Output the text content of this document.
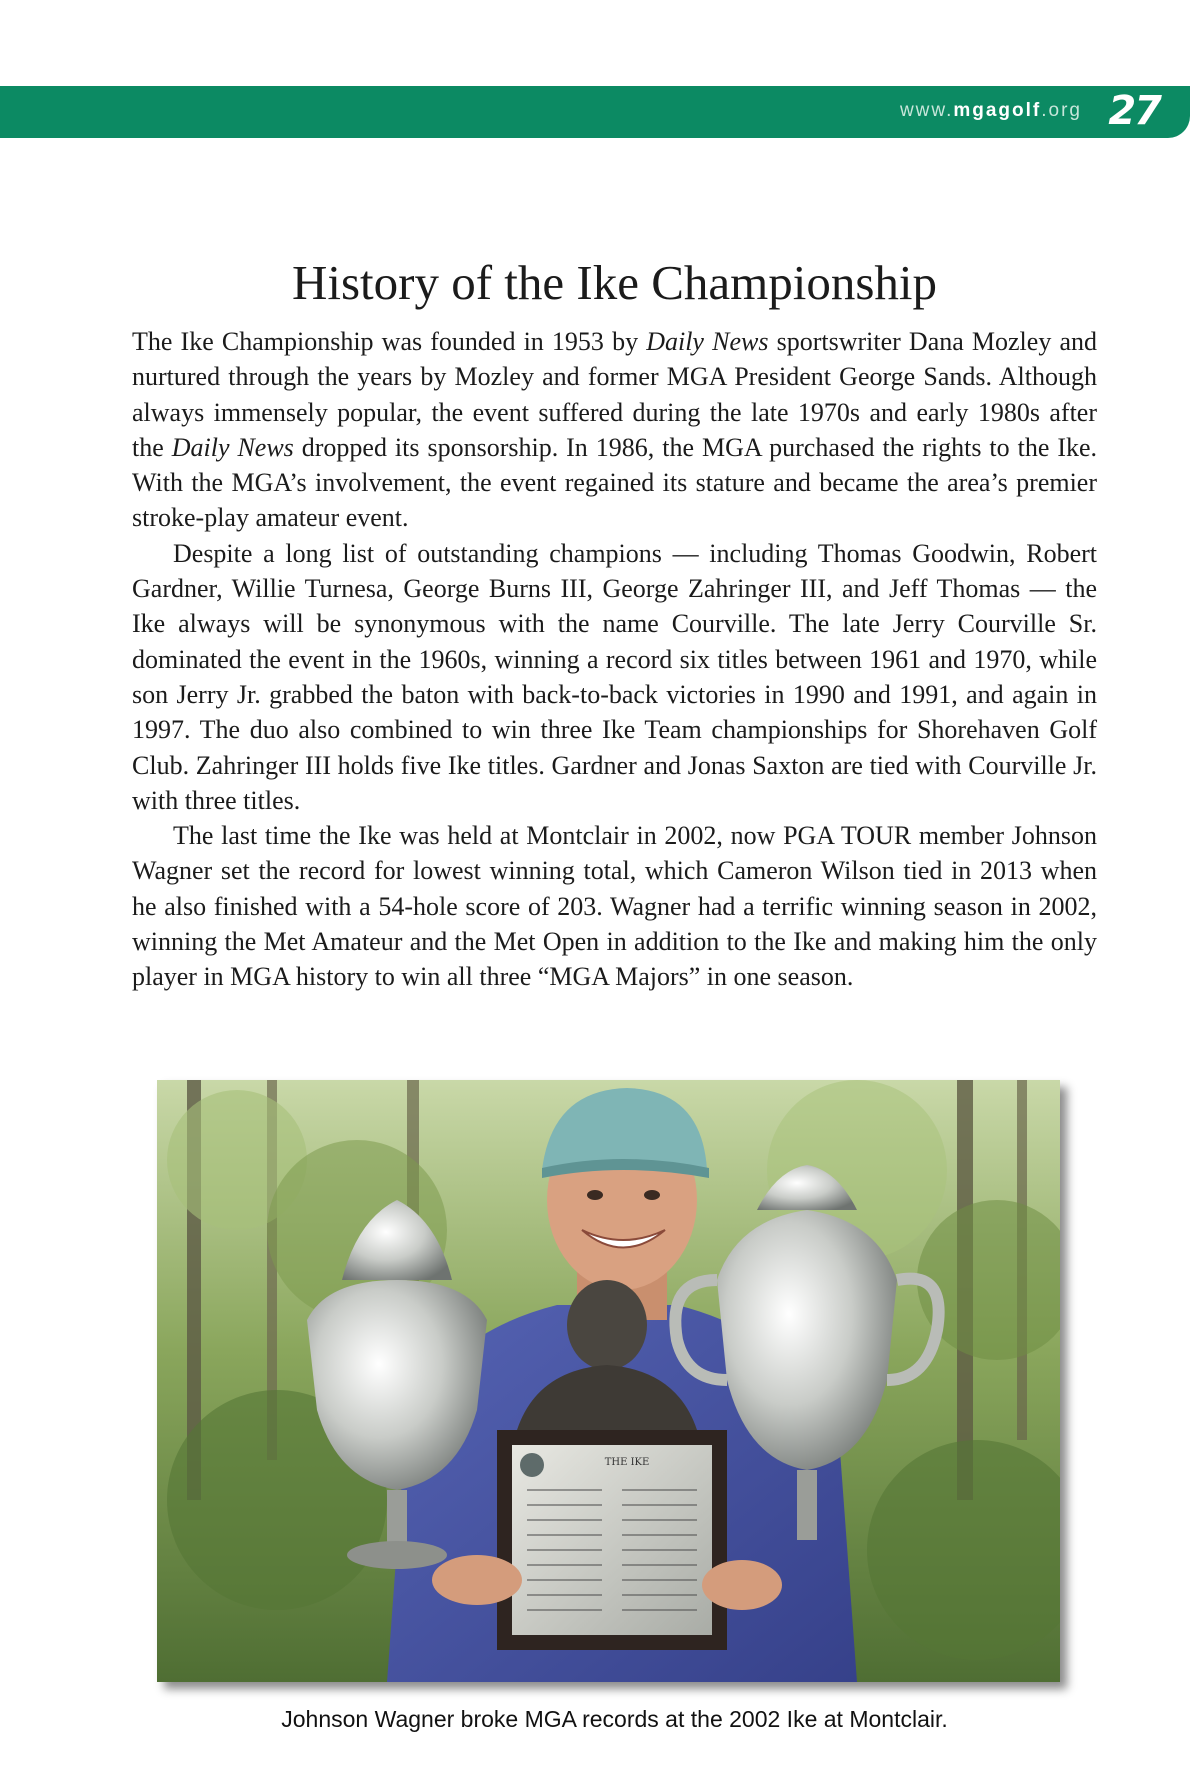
www.mgagolf.org 27
History of the Ike Championship

The Ike Championship was founded in 1953 by Daily News sportswriter Dana Mozley and nurtured through the years by Mozley and former MGA President George Sands. Although always immensely popular, the event suffered during the late 1970s and early 1980s after the Daily News dropped its sponsorship. In 1986, the MGA purchased the rights to the Ike. With the MGA’s involvement, the event regained its stature and became the area’s premier stroke-play amateur event.

Despite a long list of outstanding champions — including Thomas Goodwin, Robert Gardner, Willie Turnesa, George Burns III, George Zahringer III, and Jeff Thomas — the Ike always will be synonymous with the name Courville. The late Jerry Courville Sr. dominated the event in the 1960s, winning a record six titles between 1961 and 1970, while son Jerry Jr. grabbed the baton with back-to-back victories in 1990 and 1991, and again in 1997. The duo also combined to win three Ike Team championships for Shorehaven Golf Club. Zahringer III holds five Ike titles. Gardner and Jonas Saxton are tied with Courville Jr. with three titles.

The last time the Ike was held at Montclair in 2002, now PGA TOUR member Johnson Wagner set the record for lowest winning total, which Cameron Wilson tied in 2013 when he also finished with a 54-hole score of 203. Wagner had a terrific winning season in 2002, winning the Met Amateur and the Met Open in addition to the Ike and making him the only player in MGA history to win all three “MGA Majors” in one season.

THE IKE
Johnson Wagner broke MGA records at the 2002 Ike at Montclair.
